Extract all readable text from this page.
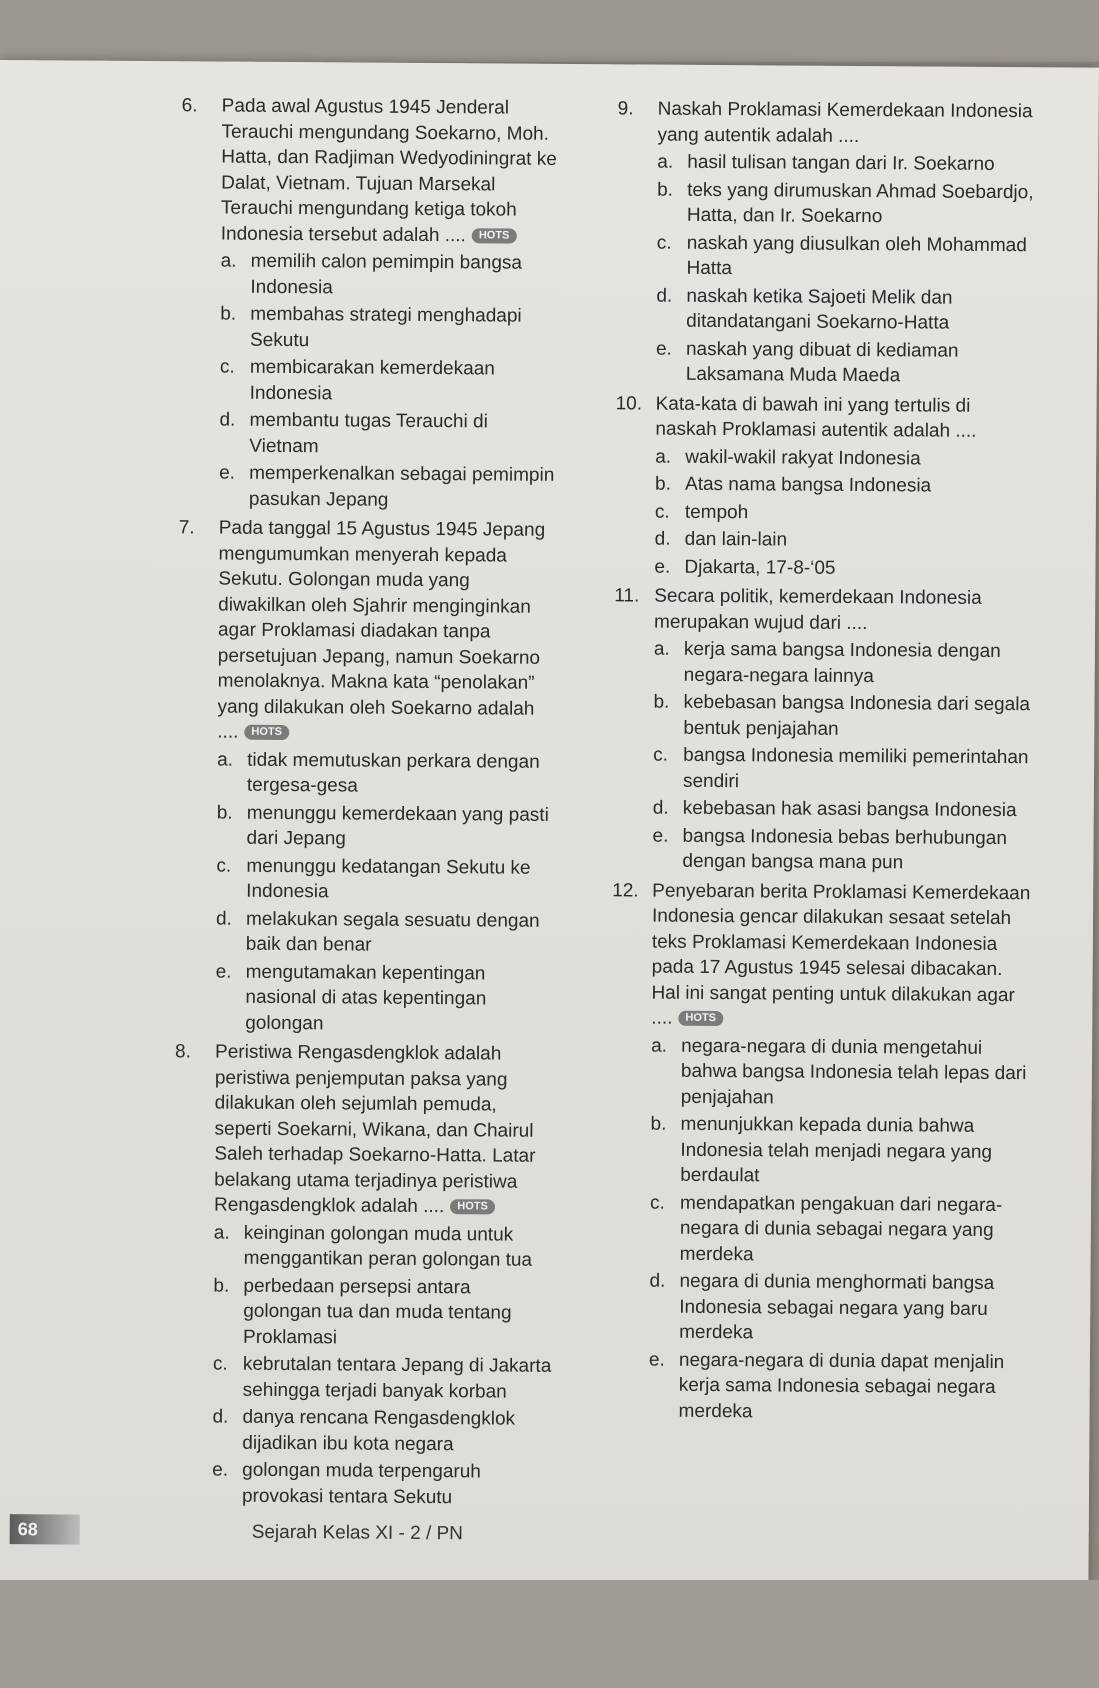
6.	Pada awal Agustus 1945 Jenderal Terauchi mengundang Soekarno, Moh. Hatta, dan Radjiman Wedyodiningrat ke Dalat, Vietnam. Tujuan Marsekal Terauchi mengundang ketiga tokoh Indonesia tersebut adalah .... HOTS
a. memilih calon pemimpin bangsa Indonesia
b. membahas strategi menghadapi Sekutu
c. membicarakan kemerdekaan Indonesia
d. membantu tugas Terauchi di Vietnam
e. memperkenalkan sebagai pemimpin pasukan Jepang
7.	Pada tanggal 15 Agustus 1945 Jepang mengumumkan menyerah kepada Sekutu. Golongan muda yang diwakilkan oleh Sjahrir menginginkan agar Proklamasi diadakan tanpa persetujuan Jepang, namun Soekarno menolaknya. Makna kata “penolakan” yang dilakukan oleh Soekarno adalah .... HOTS
a. tidak memutuskan perkara dengan tergesa-gesa
b. menunggu kemerdekaan yang pasti dari Jepang
c. menunggu kedatangan Sekutu ke Indonesia
d. melakukan segala sesuatu dengan baik dan benar
e. mengutamakan kepentingan nasional di atas kepentingan golongan
8.	Peristiwa Rengasdengklok adalah peristiwa penjemputan paksa yang dilakukan oleh sejumlah pemuda, seperti Soekarni, Wikana, dan Chairul Saleh terhadap Soekarno-Hatta. Latar belakang utama terjadinya peristiwa Rengasdengklok adalah .... HOTS
a. keinginan golongan muda untuk menggantikan peran golongan tua
b. perbedaan persepsi antara golongan tua dan muda tentang Proklamasi
c. kebrutalan tentara Jepang di Jakarta sehingga terjadi banyak korban
d. danya rencana Rengasdengklok dijadikan ibu kota negara
e. golongan muda terpengaruh provokasi tentara Sekutu
9.	Naskah Proklamasi Kemerdekaan Indonesia yang autentik adalah ....
a. hasil tulisan tangan dari Ir. Soekarno
b. teks yang dirumuskan Ahmad Soebardjo, Hatta, dan Ir. Soekarno
c. naskah yang diusulkan oleh Mohammad Hatta
d. naskah ketika Sajoeti Melik dan ditandatangani Soekarno-Hatta
e. naskah yang dibuat di kediaman Laksamana Muda Maeda
10. Kata-kata di bawah ini yang tertulis di naskah Proklamasi autentik adalah ....
a. wakil-wakil rakyat Indonesia
b. Atas nama bangsa Indonesia
c. tempoh
d. dan lain-lain
e. Djakarta, 17-8-‘05
11. Secara politik, kemerdekaan Indonesia merupakan wujud dari ....
a. kerja sama bangsa Indonesia dengan negara-negara lainnya
b. kebebasan bangsa Indonesia dari segala bentuk penjajahan
c. bangsa Indonesia memiliki pemerintahan sendiri
d. kebebasan hak asasi bangsa Indonesia
e. bangsa Indonesia bebas berhubungan dengan bangsa mana pun
12. Penyebaran berita Proklamasi Kemerdekaan Indonesia gencar dilakukan sesaat setelah teks Proklamasi Kemerdekaan Indonesia pada 17 Agustus 1945 selesai dibacakan. Hal ini sangat penting untuk dilakukan agar .... HOTS
a. negara-negara di dunia mengetahui bahwa bangsa Indonesia telah lepas dari penjajahan
b. menunjukkan kepada dunia bahwa Indonesia telah menjadi negara yang berdaulat
c. mendapatkan pengakuan dari negara-negara di dunia sebagai negara yang merdeka
d. negara di dunia menghormati bangsa Indonesia sebagai negara yang baru merdeka
e. negara-negara di dunia dapat menjalin kerja sama Indonesia sebagai negara merdeka
68	Sejarah Kelas XI - 2 / PN
